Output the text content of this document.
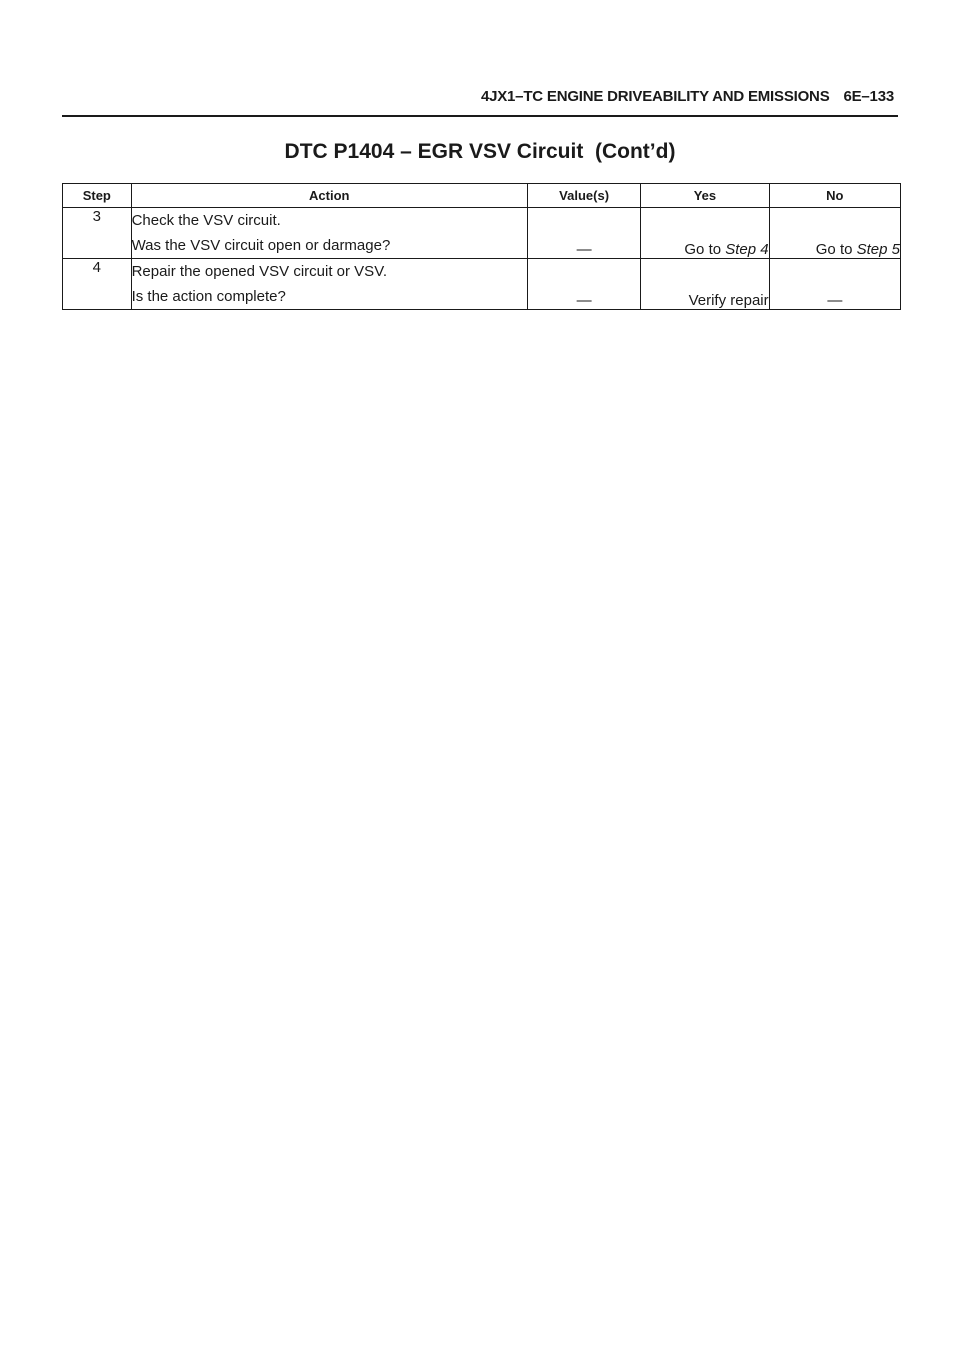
4JX1–TC ENGINE DRIVEABILITY AND EMISSIONS 6E–133
DTC P1404 – EGR VSV Circuit  (Cont’d)
Step	Action	Value(s)	Yes	No
3	Check the VSV circuit.
Was the VSV circuit open or darmage?	—	Go to Step 4	Go to Step 5
4	Repair the opened VSV circuit or VSV.
Is the action complete?	—	Verify repair	—
